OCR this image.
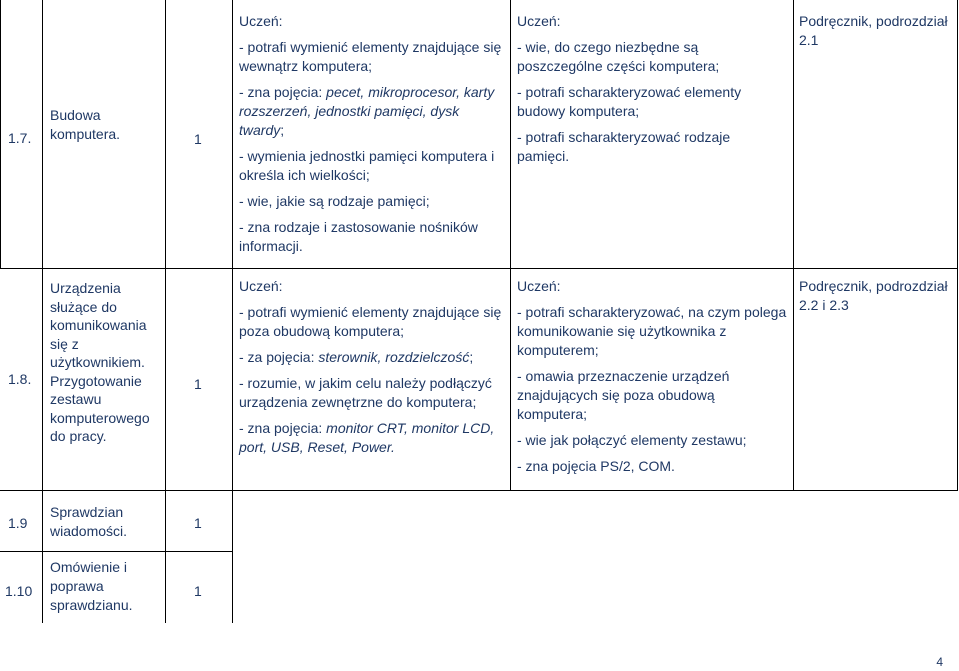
1.7.
Budowa
komputera.	1

Uczeń:

- potrafi wymienić elementy znajdujące się wewnątrz komputera;

- zna pojęcia: pecet, mikroprocesor, karty rozszerzeń, jednostki pamięci, dysk twardy;

- wymienia jednostki pamięci komputera i określa ich wielkości;

- wie, jakie są rodzaje pamięci;

- zna rodzaje i zastosowanie nośników informacji.

Uczeń:

- wie, do czego niezbędne są poszczególne części komputera;

- potrafi scharakteryzować elementy budowy komputera;

- potrafi scharakteryzować rodzaje pamięci.

Podręcznik, podrozdział 2.1
1.8.
Urządzenia
służące do
komunikowania
się z
użytkownikiem.
Przygotowanie
zestawu
komputerowego
do pracy.
1

Uczeń:

- potrafi wymienić elementy znajdujące się poza obudową komputera;

- za pojęcia: sterownik, rozdzielczość;

- rozumie, w jakim celu należy podłączyć urządzenia zewnętrzne do komputera;

- zna pojęcia: monitor CRT, monitor LCD, port, USB, Reset, Power.

Uczeń:

- potrafi scharakteryzować, na czym polega komunikowanie się użytkownika z komputerem;

- omawia przeznaczenie urządzeń znajdujących się poza obudową komputera;

- wie jak połączyć elementy zestawu;

- zna pojęcia PS/2, COM.

Podręcznik, podrozdział 2.2 i 2.3
1.9
Sprawdzian
wiadomości.	1
1.10
Omówienie i
poprawa
sprawdzianu.
1
4
